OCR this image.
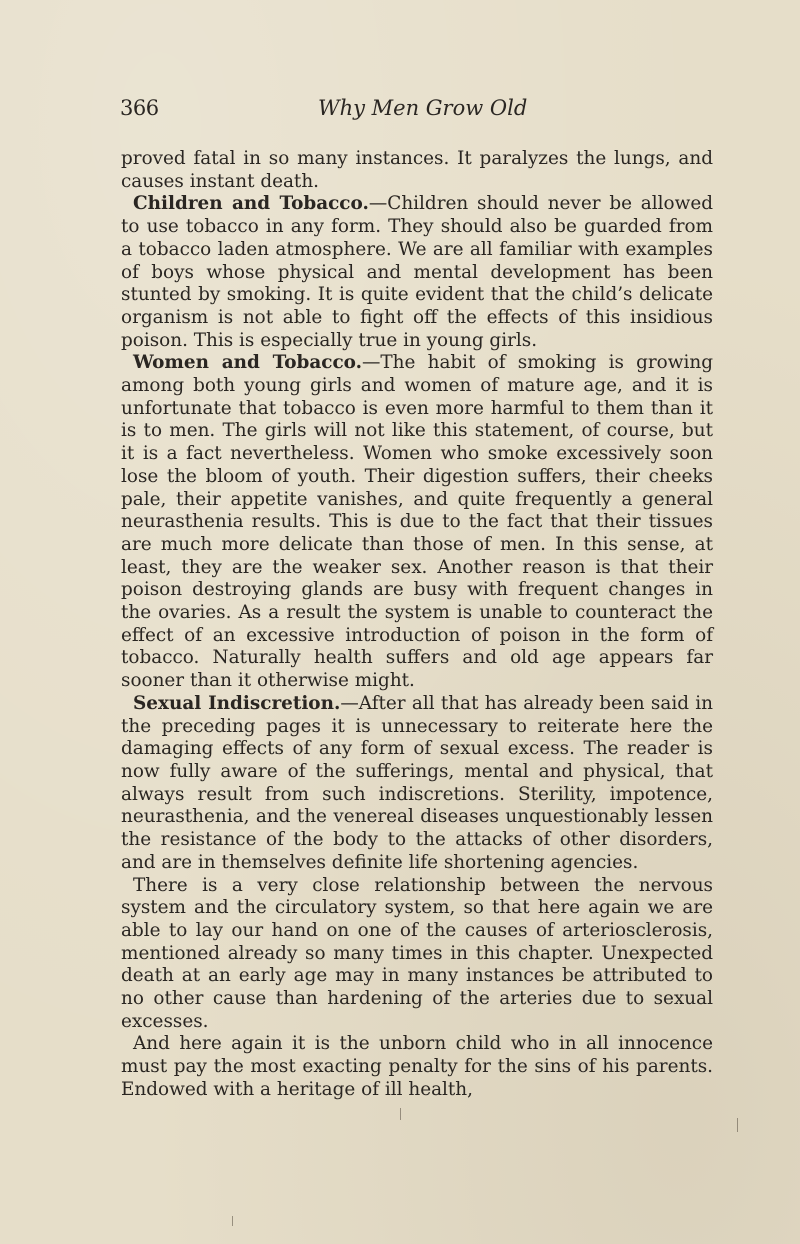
366	Why Men Grow Old

proved fatal in so many instances. It paralyzes the lungs, and causes instant death.

Children and Tobacco.—Children should never be allowed to use tobacco in any form. They should also be guarded from a tobacco laden atmosphere. We are all familiar with examples of boys whose physical and mental development has been stunted by smoking. It is quite evident that the child’s delicate organism is not able to fight off the effects of this insidious poison. This is especially true in young girls.

Women and Tobacco.—The habit of smoking is growing among both young girls and women of mature age, and it is unfortunate that tobacco is even more harmful to them than it is to men. The girls will not like this statement, of course, but it is a fact nevertheless. Women who smoke excessively soon lose the bloom of youth. Their digestion suffers, their cheeks pale, their appetite vanishes, and quite frequently a general neurasthenia results. This is due to the fact that their tissues are much more delicate than those of men. In this sense, at least, they are the weaker sex. Another reason is that their poison destroying glands are busy with frequent changes in the ovaries. As a result the system is unable to counteract the effect of an excessive introduction of poison in the form of tobacco. Naturally health suffers and old age appears far sooner than it otherwise might.

Sexual Indiscretion.—After all that has already been said in the preceding pages it is unnecessary to reiterate here the damaging effects of any form of sexual excess. The reader is now fully aware of the sufferings, mental and physical, that always result from such indiscretions. Sterility, impotence, neurasthenia, and the venereal diseases unquestionably lessen the resistance of the body to the attacks of other disorders, and are in themselves definite life shortening agencies.

There is a very close relationship between the nervous system and the circulatory system, so that here again we are able to lay our hand on one of the causes of arteriosclerosis, mentioned already so many times in this chapter. Unexpected death at an early age may in many instances be attributed to no other cause than hardening of the arteries due to sexual excesses.

And here again it is the unborn child who in all innocence must pay the most exacting penalty for the sins of his parents. Endowed with a heritage of ill health,
